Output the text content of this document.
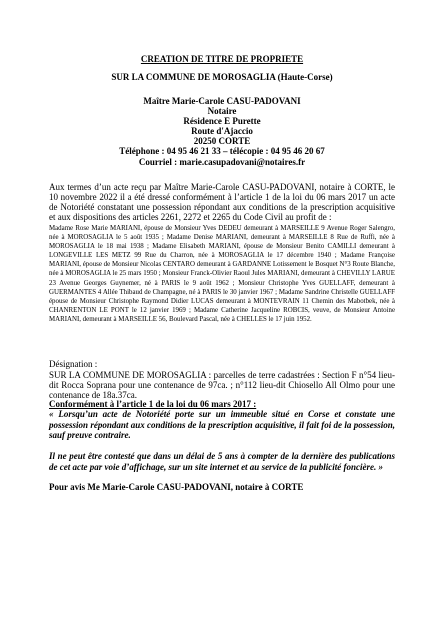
CREATION DE TITRE DE PROPRIETE
SUR LA COMMUNE DE MOROSAGLIA (Haute-Corse)
Maître Marie-Carole CASU-PADOVANI
Notaire
Résidence E Purette
Route d'Ajaccio
20250 CORTE
Téléphone : 04 95 46 21 33 – télécopie : 04 95 46 20 67
Courriel : marie.casupadovani@notaires.fr
Aux termes d’un acte reçu par Maître Marie-Carole CASU-PADOVANI, notaire à CORTE, le 10 novembre 2022 il a été dressé conformément à l’article 1 de la loi du 06 mars 2017 un acte de Notoriété constatant une possession répondant aux conditions de la prescription acquisitive et aux dispositions des articles 2261, 2272 et 2265 du Code Civil au profit de :
Madame Rose Marie MARIANI, épouse de Monsieur Yves DEDEU demeurant à MARSEILLE 9 Avenue Roger Salengro, née à MOROSAGLIA le 5 août 1935 ; Madame Denise MARIANI, demeurant à MARSEILLE 8 Rue de Ruffi, née à MOROSAGLIA le 18 mai 1938 ; Madame Elisabeth MARIANI, épouse de Monsieur Benito CAMILLI demeurant à LONGEVILLE LES METZ 99 Rue du Charron, née à MOROSAGLIA le 17 décembre 1940 ; Madame Françoise MARIANI, épouse de Monsieur Nicolas CENTARO demeurant à GARDANNE Lotissement le Bosquet N°3 Route Blanche, née à MOROSAGLIA le 25 mars 1950 ; Monsieur Franck-Olivier Raoul Jules MARIANI, demeurant à CHEVILLY LARUE 23 Avenue Georges Guynemer, né à PARIS le 9 août 1962 ; Monsieur Christophe Yves GUELLAFF, demeurant à GUERMANTES 4 Allée Thibaud de Champagne, né à PARIS le 30 janvier 1967 ; Madame Sandrine Christelle GUELLAFF épouse de Monsieur Christophe Raymond Didier LUCAS demeurant à MONTEVRAIN 11 Chemin des Mabotbek, née à CHANRENTON LE PONT le 12 janvier 1969 ; Madame Catherine Jacqueline ROBCIS, veuve, de Monsieur Antoine MARIANI, demeurant à MARSEILLE 56, Boulevard Pascal, née à CHELLES le 17 juin 1952.
Désignation :
SUR LA COMMUNE DE MOROSAGLIA : parcelles de terre cadastrées : Section F n°54 lieu-dit Rocca Soprana pour une contenance de 97ca. ; n°112 lieu-dit Chiosello All Olmo pour une contenance de 18a.37ca.
Conformément à l’article 1 de la loi du 06 mars 2017 :
« Lorsqu’un acte de Notoriété porte sur un immeuble situé en Corse et constate une possession répondant aux conditions de la prescription acquisitive, il fait foi de la possession, sauf preuve contraire.
Il ne peut être contesté que dans un délai de 5 ans à compter de la dernière des publications de cet acte par voie d’affichage, sur un site internet et au service de la publicité foncière. »
Pour avis Me Marie-Carole CASU-PADOVANI, notaire à CORTE
